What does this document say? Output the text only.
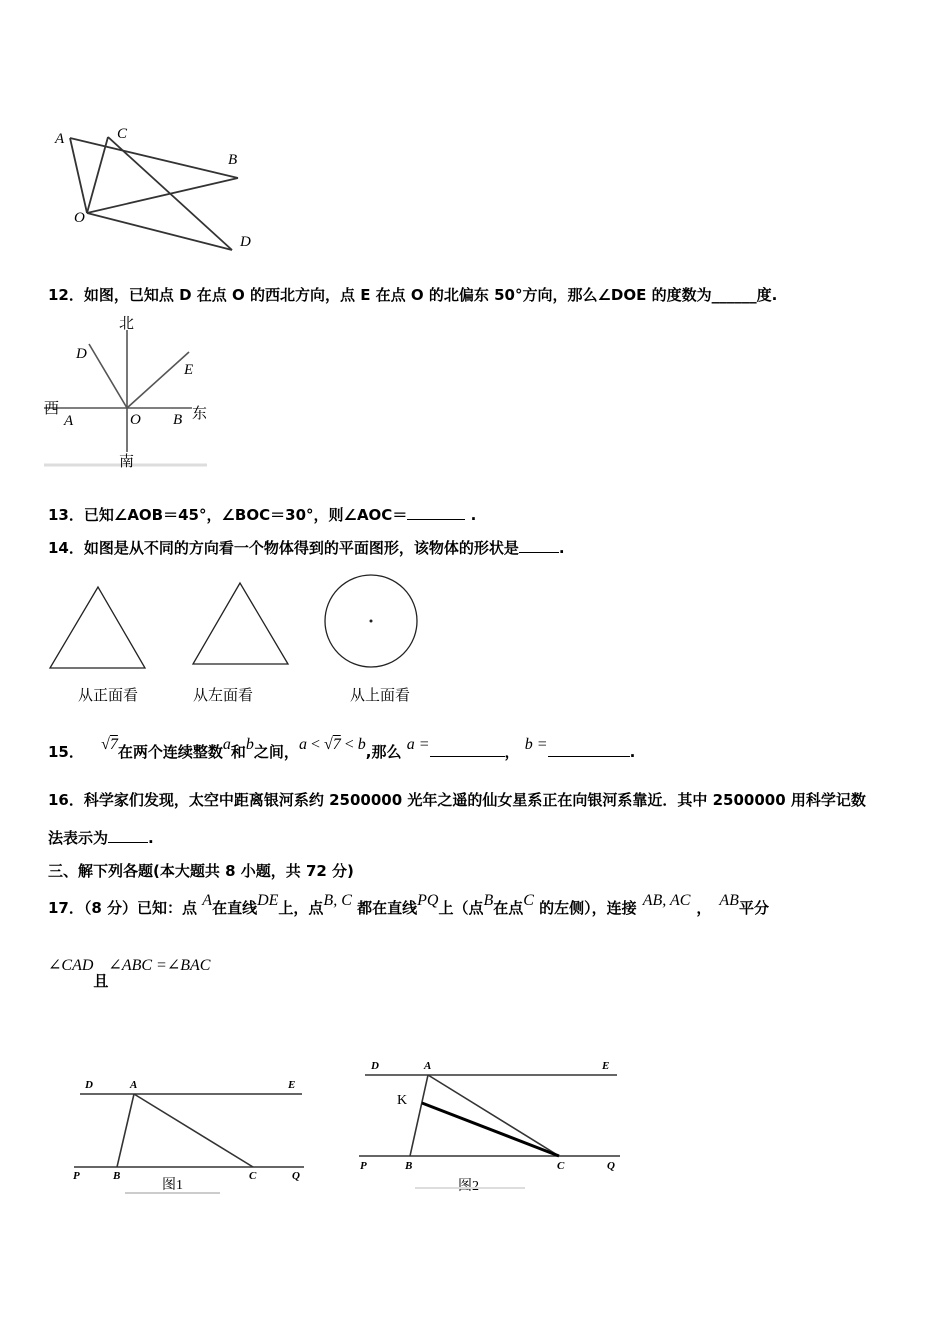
A	C
B
O
D
12．如图，已知点 D 在点 O 的西北方向，点 E 在点 O 的北偏东 50°方向，那么∠DOE 的度数为______度.
北
南
西	东
D
E
A	O B
13．已知∠AOB＝45°，∠BOC＝30°，则∠AOC＝	.
14．如图是从不同的方向看一个物体得到的平面图形，该物体的形状是	.
从正面看	从左面看	从上面看
15． √7在两个连续整数a和b之间，a < √7 < b,那么 a =	， b =	.
16．科学家们发现，太空中距离银河系约 2500000 光年之遥的仙女星系正在向银河系靠近．其中 2500000 用科学记数
法表示为	.
三、解下列各题(本大题共 8 小题，共 72 分)
17．（8 分）已知：点 A在直线DE上，点B, C 都在直线PQ上（点B在点C 的左侧），连接 AB, AC ， AB平分
∠CAD且∠ABC =∠BAC
D	A	E
P	B	C	Q
图1
D	A	E
P	B	C	Q
K
图2
